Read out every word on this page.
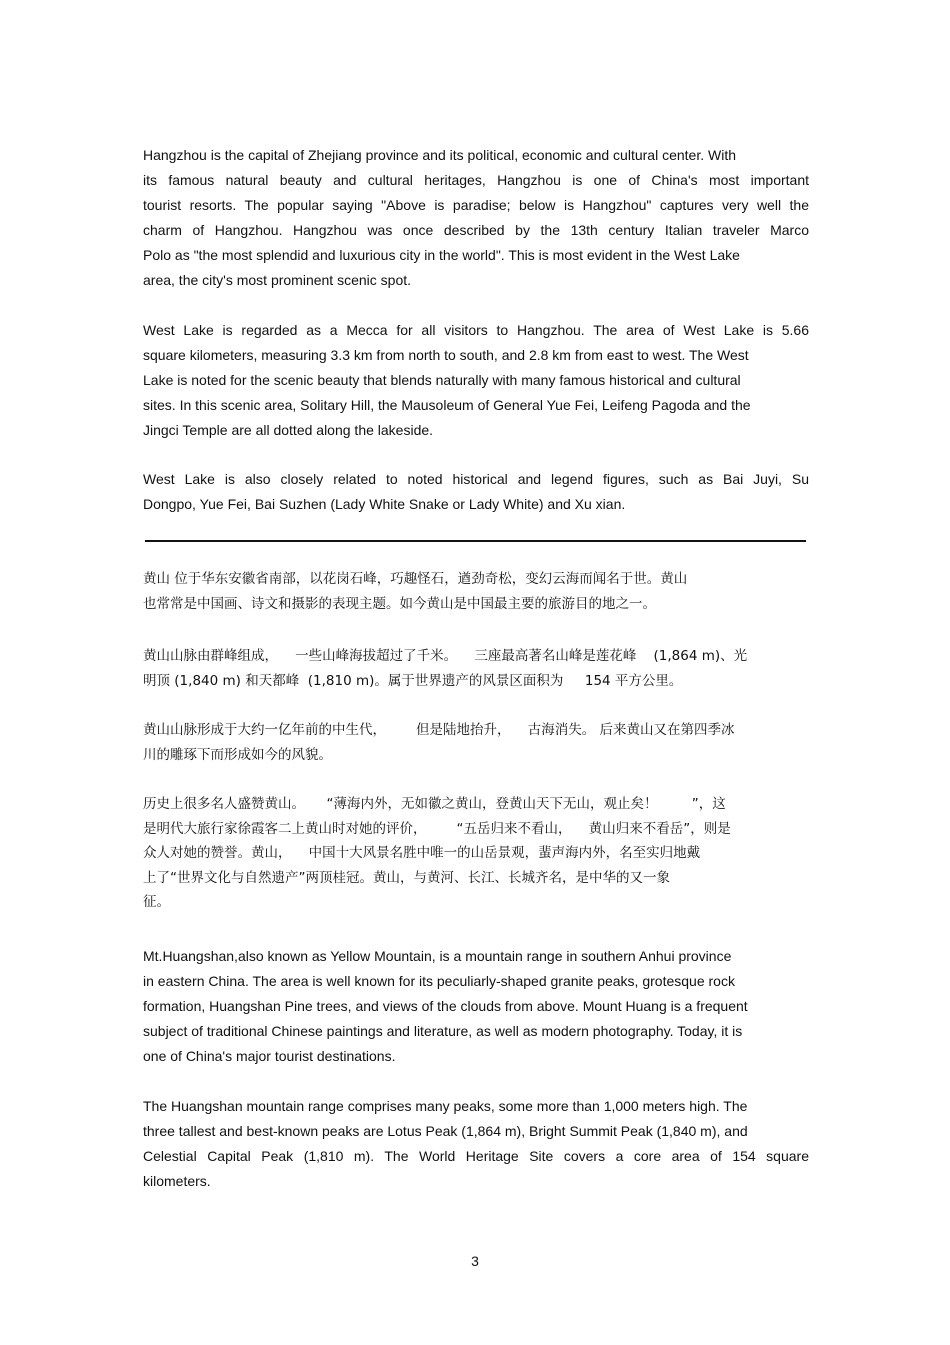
Hangzhou is the capital of Zhejiang province and its political, economic and cultural center. With
its famous natural beauty and cultural heritages, Hangzhou is one of China's most important
tourist resorts. The popular saying "Above is paradise; below is Hangzhou" captures very well the
charm of Hangzhou. Hangzhou was once described by the 13th century Italian traveler Marco
Polo as "the most splendid and luxurious city in the world". This is most evident in the West Lake
area, the city's most prominent scenic spot.
West Lake is regarded as a Mecca for all visitors to Hangzhou. The area of West Lake is 5.66
square kilometers, measuring 3.3 km from north to south, and 2.8 km from east to west. The West
Lake is noted for the scenic beauty that blends naturally with many famous historical and cultural
sites. In this scenic area, Solitary Hill, the Mausoleum of General Yue Fei, Leifeng Pagoda and the
Jingci Temple are all dotted along the lakeside.
West Lake is also closely related to noted historical and legend figures, such as Bai Juyi, Su
Dongpo, Yue Fei, Bai Suzhen (Lady White Snake or Lady White) and Xu xian.
黄山 位于华东安徽省南部，以花岗石峰，巧趣怪石，遒劲奇松，变幻云海而闻名于世。黄山
也常常是中国画、诗文和摄影的表现主题。如今黄山是中国最主要的旅游目的地之一。
黄山山脉由群峰组成，    一些山峰海拔超过了千米。    三座最高著名山峰是莲花峰    (1,864 m)、光
明顶 (1,840 m) 和天都峰  (1,810 m)。属于世界遗产的风景区面积为     154 平方公里。
黄山山脉形成于大约一亿年前的中生代，       但是陆地抬升，    古海消失。 后来黄山又在第四季冰
川的雕琢下而形成如今的风貌。
历史上很多名人盛赞黄山。     “薄海内外，无如徽之黄山，登黄山天下无山，观止矣！        ”，这
是明代大旅行家徐霞客二上黄山时对她的评价，       “五岳归来不看山，    黄山归来不看岳”，则是
众人对她的赞誉。黄山，    中国十大风景名胜中唯一的山岳景观，蜚声海内外，名至实归地戴
上了“世界文化与自然遗产”两顶桂冠。黄山，与黄河、长江、长城齐名，是中华的又一象
征。
Mt.Huangshan,also known as Yellow Mountain, is a mountain range in southern Anhui province
in eastern China. The area is well known for its peculiarly-shaped granite peaks, grotesque rock
formation, Huangshan Pine trees, and views of the clouds from above. Mount Huang is a frequent
subject of traditional Chinese paintings and literature, as well as modern photography. Today, it is
one of China's major tourist destinations.
The Huangshan mountain range comprises many peaks, some more than 1,000 meters high. The
three tallest and best-known peaks are Lotus Peak (1,864 m), Bright Summit Peak (1,840 m), and
Celestial Capital Peak (1,810 m). The World Heritage Site covers a core area of 154 square
kilometers.
3
